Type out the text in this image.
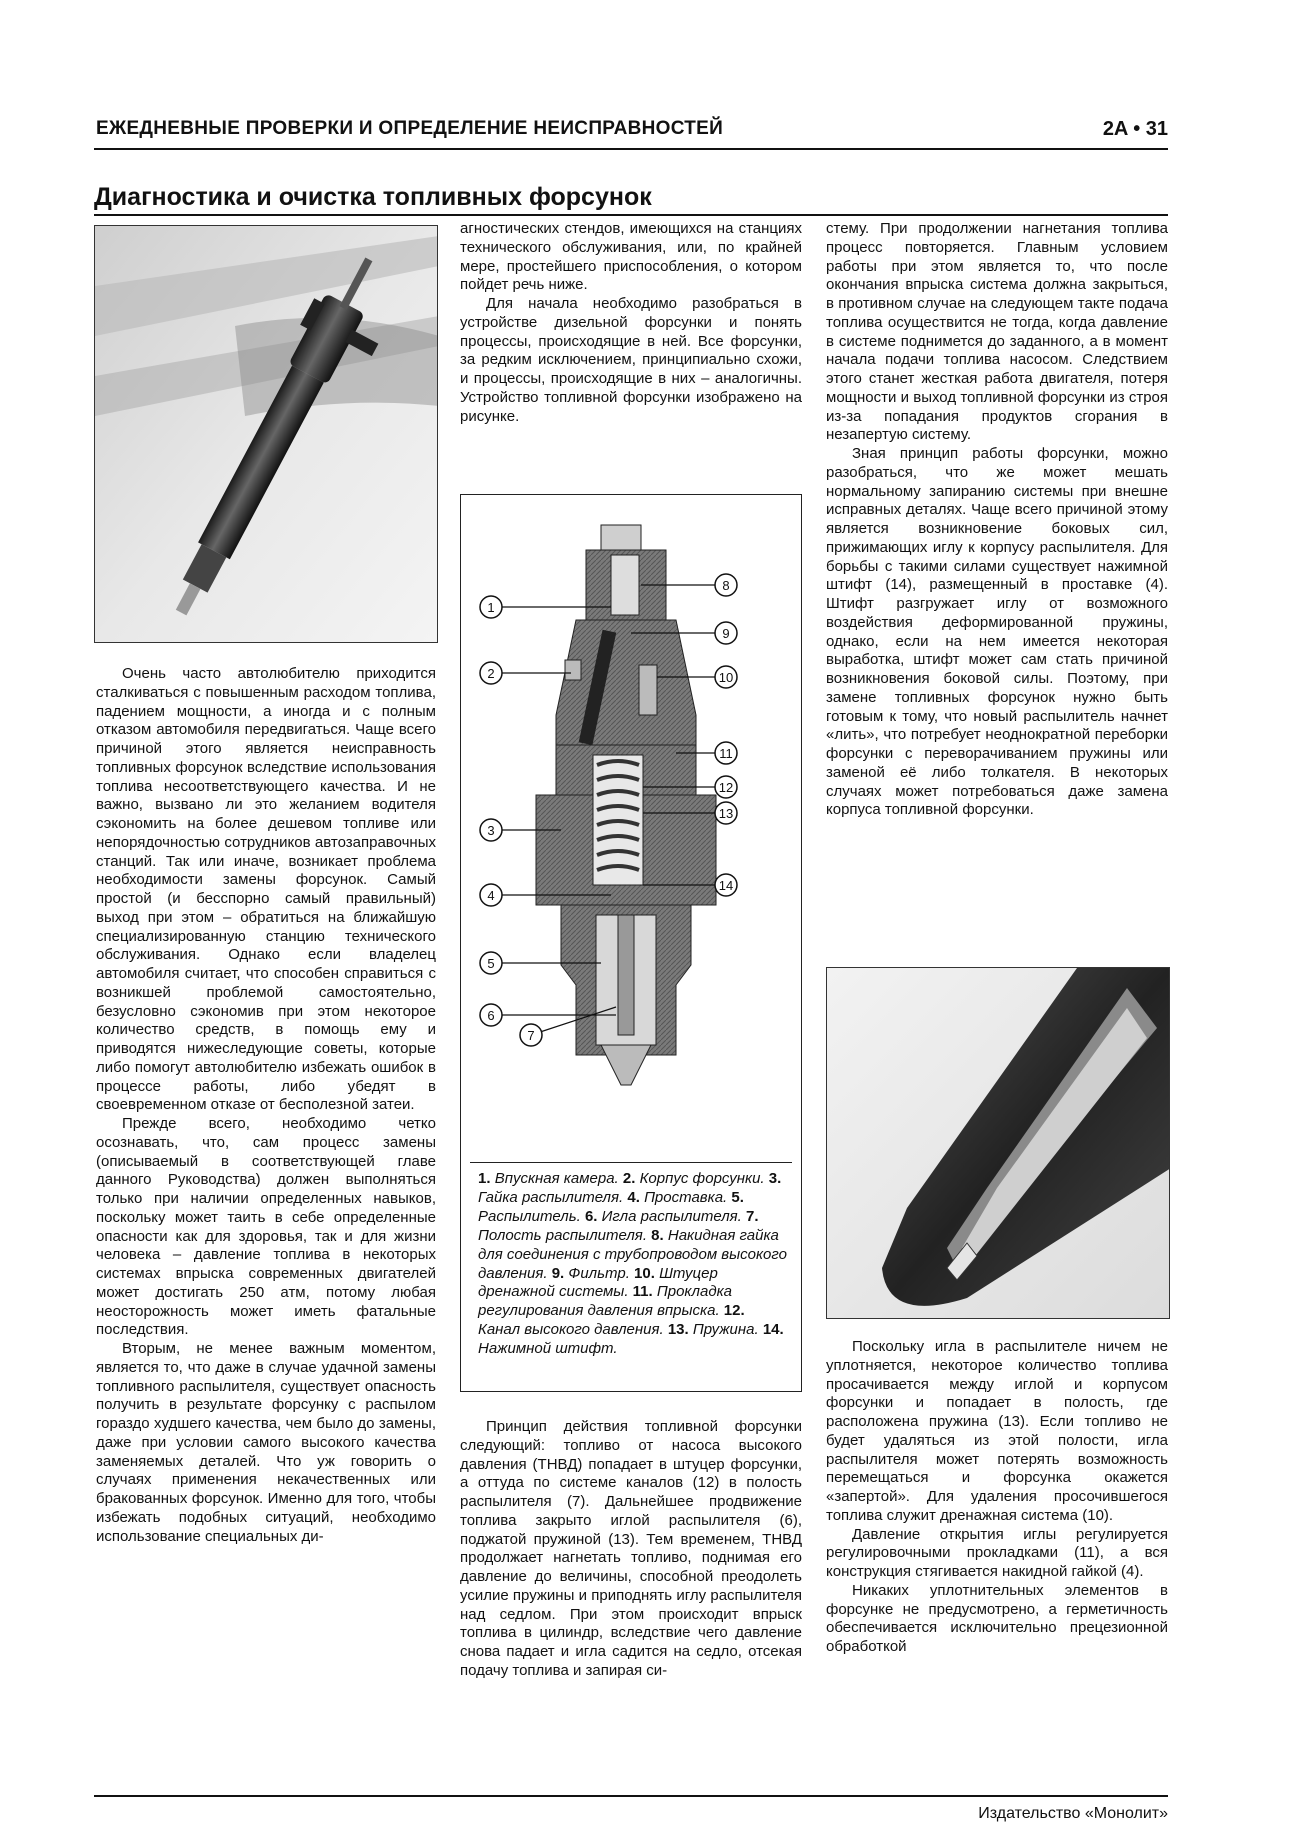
ЕЖЕДНЕВНЫЕ ПРОВЕРКИ И ОПРЕДЕЛЕНИЕ НЕИСПРАВНОСТЕЙ	2A • 31
Диагностика и очистка топливных форсунок

Очень часто автолюбителю приходится сталкиваться с повышенным расходом топлива, падением мощности, а иногда и с полным отказом автомобиля передвигаться. Чаще всего причиной этого является неисправность топливных форсунок вследствие использования топлива несоответствующего качества. И не важно, вызвано ли это желанием водителя сэкономить на более дешевом топливе или непорядочностью сотрудников автозаправочных станций. Так или иначе, возникает проблема необходимости замены форсунок. Самый простой (и бесспорно самый правильный) выход при этом – обратиться на ближайшую специализированную станцию технического обслуживания. Однако если владелец автомобиля считает, что способен справиться с возникшей проблемой самостоятельно, безусловно сэкономив при этом некоторое количество средств, в помощь ему и приводятся нижеследующие советы, которые либо помогут автолюбителю избежать ошибок в процессе работы, либо убедят в своевременном отказе от бесполезной затеи.

Прежде всего, необходимо четко осознавать, что, сам процесс замены (описываемый в соответствующей главе данного Руководства) должен выполняться только при наличии определенных навыков, поскольку может таить в себе определенные опасности как для здоровья, так и для жизни человека – давление топлива в некоторых системах впрыска современных двигателей может достигать 250 атм, потому любая неосторожность может иметь фатальные последствия.

Вторым, не менее важным моментом, является то, что даже в случае удачной замены топливного распылителя, существует опасность получить в результате форсунку с распылом гораздо худшего качества, чем было до замены, даже при условии самого высокого качества заменяемых деталей. Что уж говорить о случаях применения некачественных или бракованных форсунок. Именно для того, чтобы избежать подобных ситуаций, необходимо использование специальных ди-

агностических стендов, имеющихся на станциях технического обслуживания, или, по крайней мере, простейшего приспособления, о котором пойдет речь ниже.

Для начала необходимо разобраться в устройстве дизельной форсунки и понять процессы, происходящие в ней. Все форсунки, за редким исключением, принципиально схожи, и процессы, происходящие в них – аналогичны. Устройство топливной форсунки изображено на рисунке.

1
2
3
4
5
6
7
8
9
10
11
12
13
14
1. Впускная камера. 2. Корпус форсунки. 3. Гайка распылителя. 4. Проставка. 5. Распылитель. 6. Игла распылителя. 7. Полость распылителя. 8. Накидная гайка для соединения с трубопроводом высокого давления. 9. Фильтр. 10. Штуцер дренажной системы. 11. Прокладка регулирования давления впрыска. 12. Канал высокого давления. 13. Пружина. 14. Нажимной штифт.

Принцип действия топливной форсунки следующий: топливо от насоса высокого давления (ТНВД) попадает в штуцер форсунки, а оттуда по системе каналов (12) в полость распылителя (7). Дальнейшее продвижение топлива закрыто иглой распылителя (6), поджатой пружиной (13). Тем временем, ТНВД продолжает нагнетать топливо, поднимая его давление до величины, способной преодолеть усилие пружины и приподнять иглу распылителя над седлом. При этом происходит впрыск топлива в цилиндр, вследствие чего давление снова падает и игла садится на седло, отсекая подачу топлива и запирая си-

стему. При продолжении нагнетания топлива процесс повторяется. Главным условием работы при этом является то, что после окончания впрыска система должна закрыться, в противном случае на следующем такте подача топлива осуществится не тогда, когда давление в системе поднимется до заданного, а в момент начала подачи топлива насосом. Следствием этого станет жесткая работа двигателя, потеря мощности и выход топливной форсунки из строя из-за попадания продуктов сгорания в незапертую систему.

Зная принцип работы форсунки, можно разобраться, что же может мешать нормальному запиранию системы при внешне исправных деталях. Чаще всего причиной этому является возникновение боковых сил, прижимающих иглу к корпусу распылителя. Для борьбы с такими силами существует нажимной штифт (14), размещенный в проставке (4). Штифт разгружает иглу от возможного воздействия деформированной пружины, однако, если на нем имеется некоторая выработка, штифт может сам стать причиной возникновения боковой силы. Поэтому, при замене топливных форсунок нужно быть готовым к тому, что новый распылитель начнет «лить», что потребует неоднократной переборки форсунки с переворачиванием пружины или заменой её либо толкателя. В некоторых случаях может потребоваться даже замена корпуса топливной форсунки.

Поскольку игла в распылителе ничем не уплотняется, некоторое количество топлива просачивается между иглой и корпусом форсунки и попадает в полость, где расположена пружина (13). Если топливо не будет удаляться из этой полости, игла распылителя может потерять возможность перемещаться и форсунка окажется «запертой». Для удаления просочившегося топлива служит дренажная система (10).

Давление открытия иглы регулируется регулировочными прокладками (11), а вся конструкция стягивается накидной гайкой (4).

Никаких уплотнительных элементов в форсунке не предусмотрено, а герметичность обеспечивается исключительно прецезионной обработкой

Издательство «Монолит»
